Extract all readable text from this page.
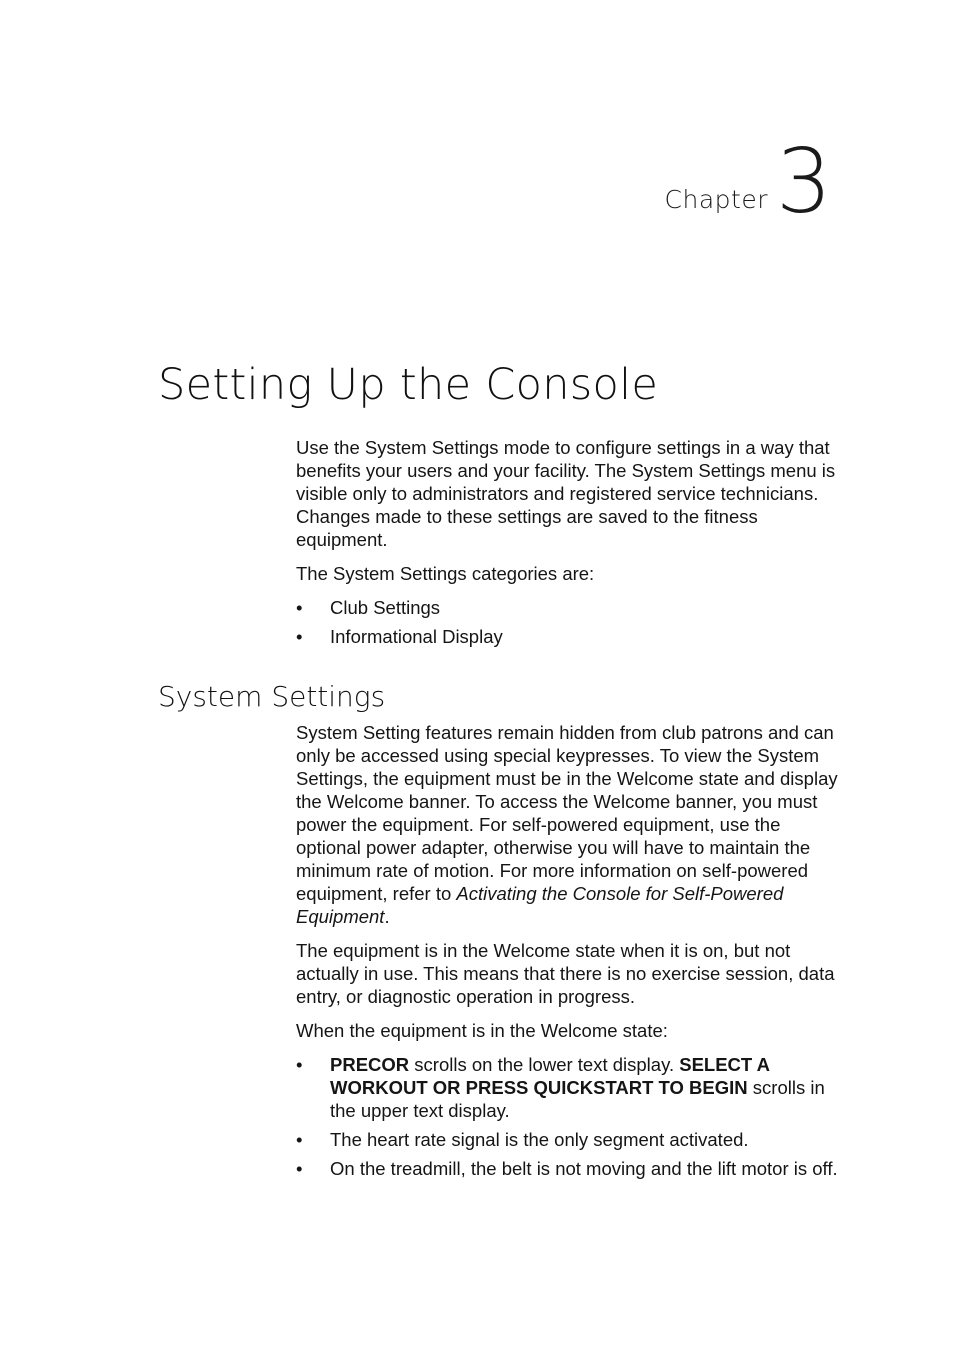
Chapter 3
Setting Up the Console

Use the System Settings mode to configure settings in a way that benefits your users and your facility. The System Settings menu is visible only to administrators and registered service technicians. Changes made to these settings are saved to the fitness equipment.

The System Settings categories are:

• Club Settings
• Informational Display
System Settings

System Setting features remain hidden from club patrons and can only be accessed using special keypresses. To view the System Settings, the equipment must be in the Welcome state and display the Welcome banner. To access the Welcome banner, you must power the equipment. For self-powered equipment, use the optional power adapter, otherwise you will have to maintain the minimum rate of motion. For more information on self-powered equipment, refer to Activating the Console for Self-Powered Equipment.

The equipment is in the Welcome state when it is on, but not actually in use. This means that there is no exercise session, data entry, or diagnostic operation in progress.

When the equipment is in the Welcome state:

• PRECOR scrolls on the lower text display. SELECT A WORKOUT OR PRESS QUICKSTART TO BEGIN scrolls in the upper text display.
• The heart rate signal is the only segment activated.
• On the treadmill, the belt is not moving and the lift motor is off.
